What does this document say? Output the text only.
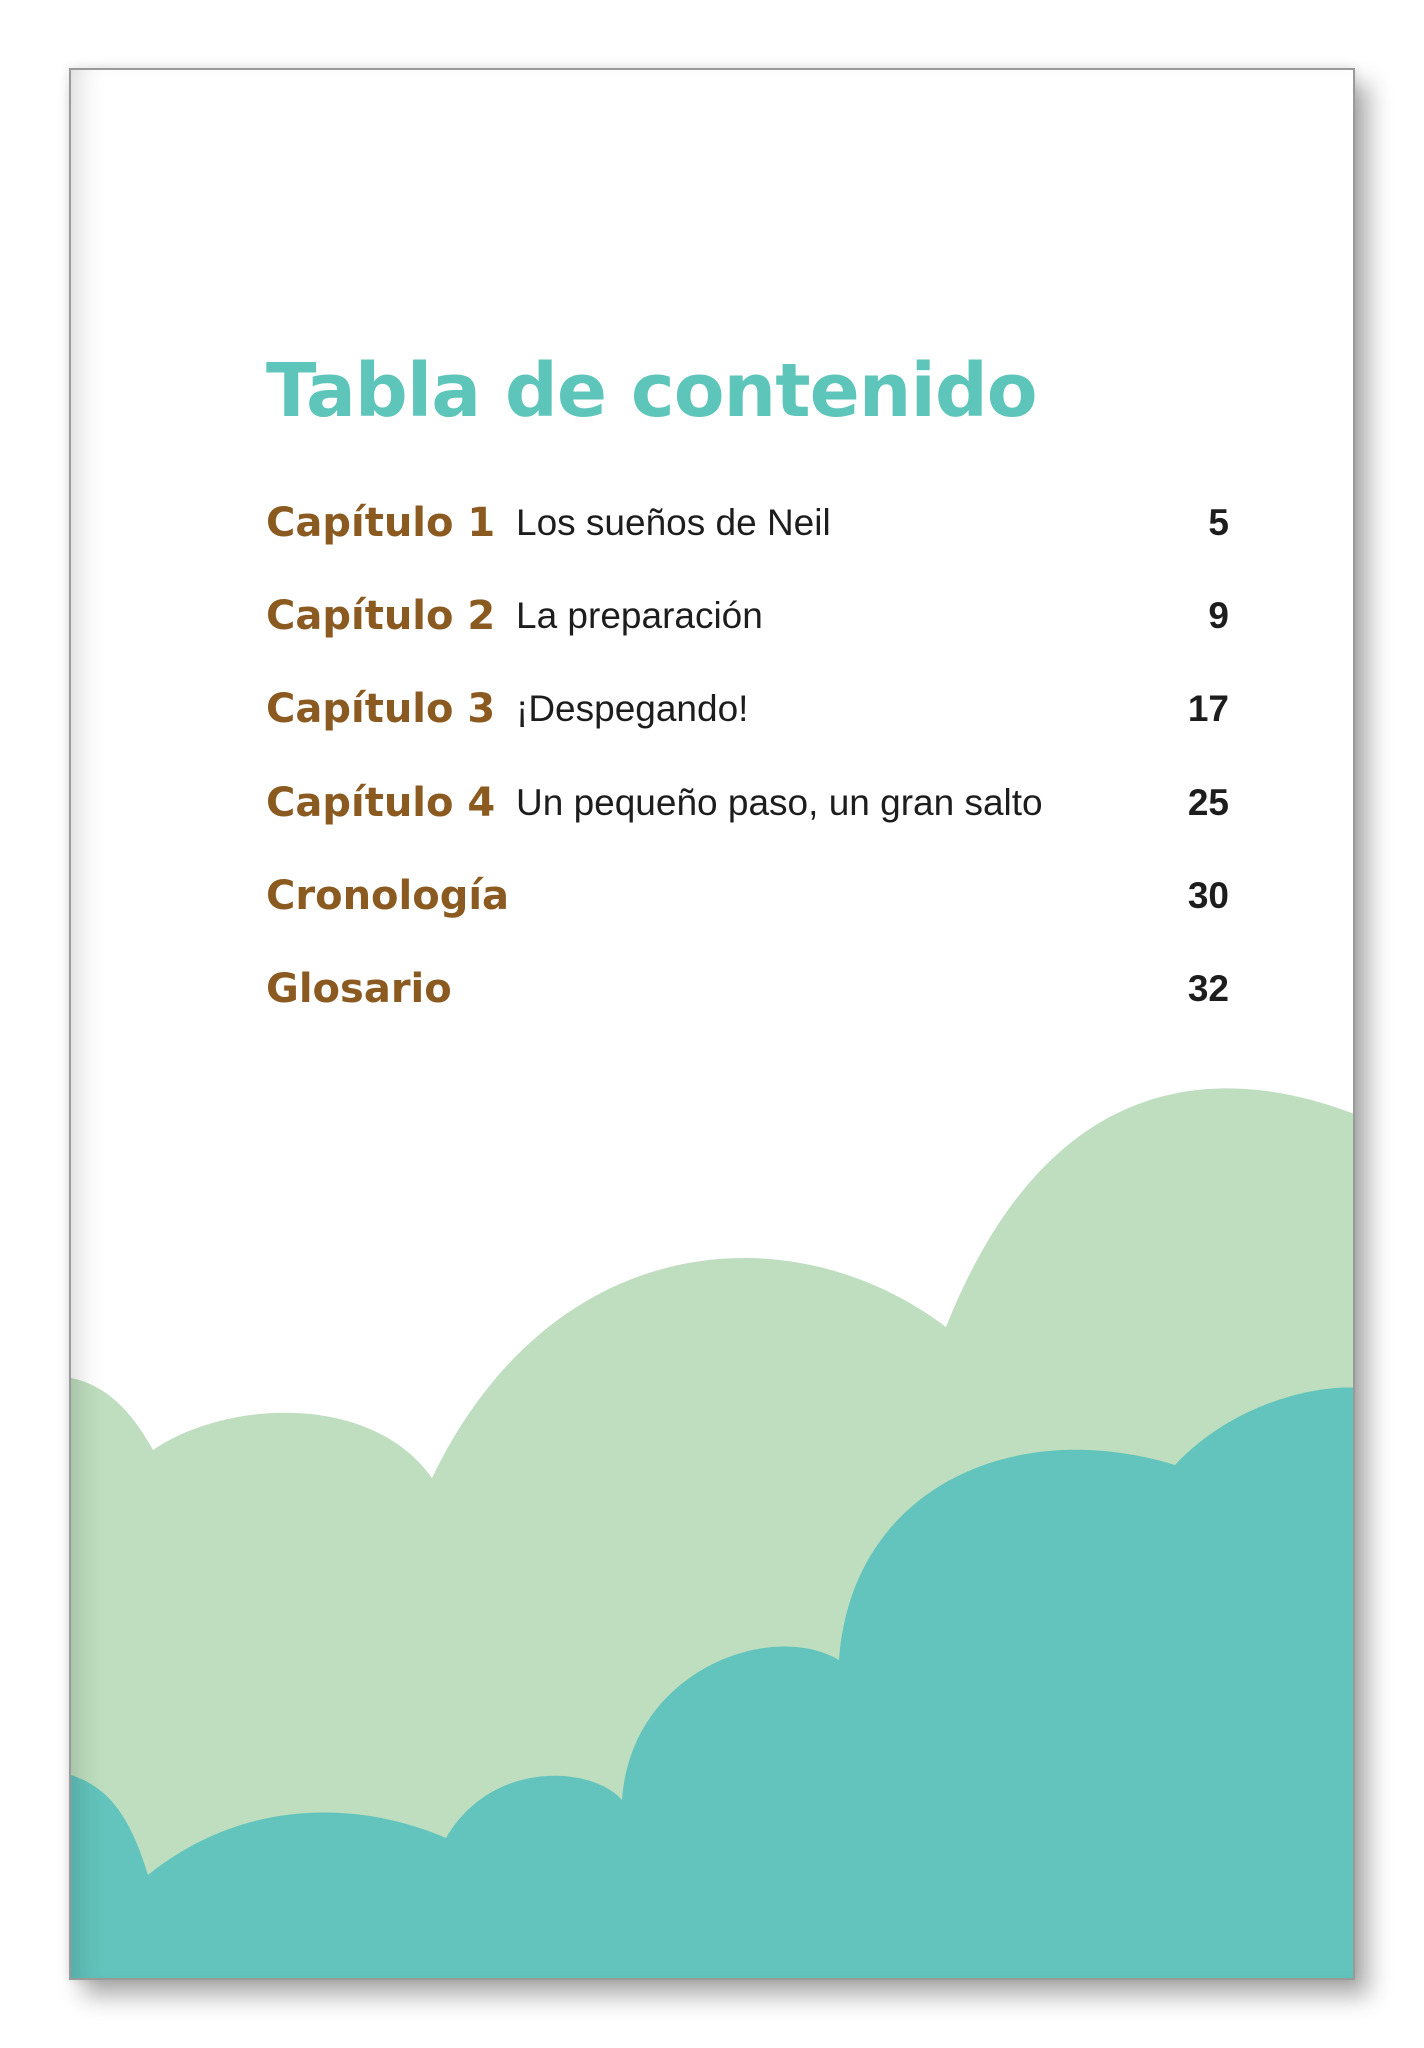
Tabla de contenido
Capítulo 1 Los sueños de Neil	5
Capítulo 2 La preparación	9
Capítulo 3 ¡Despegando!	17
Capítulo 4 Un pequeño paso, un gran salto	25
Cronología	30
Glosario	32
